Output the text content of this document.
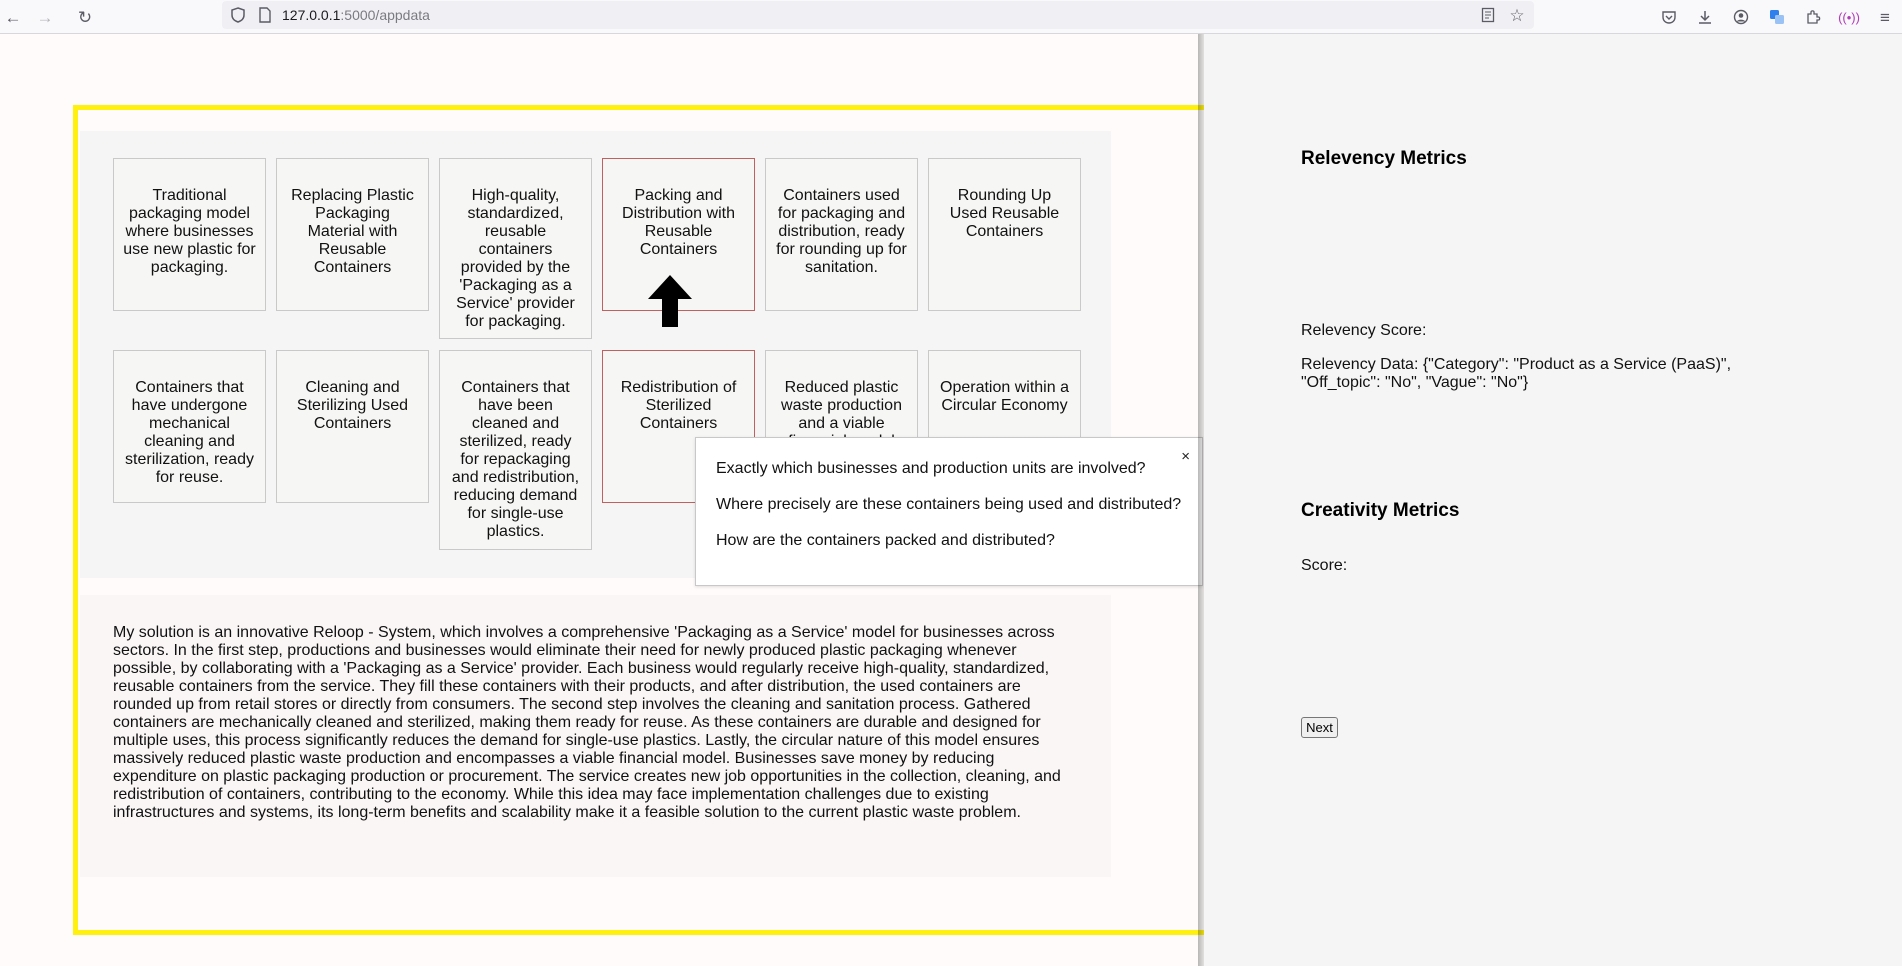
← →	↻	☆
127.0.0.1:5000/appdata	((•))	≡
Traditional packaging model where businesses use new plastic for packaging.
Replacing Plastic Packaging Material with Reusable Containers
High-quality, standardized, reusable containers provided by the 'Packaging as a Service' provider for packaging.
Packing and Distribution with Reusable Containers
Containers used for packaging and distribution, ready for rounding up for sanitation.
Rounding Up Used Reusable Containers
Containers that have undergone mechanical cleaning and sterilization, ready for reuse.
Cleaning and Sterilizing Used Containers
Containers that have been cleaned and sterilized, ready for repackaging and redistribution, reducing demand for single-use plastics.
Redistribution of Sterilized Containers
Reduced plastic waste production and a viable
Operation within a Circular Economy
My solution is an innovative Reloop - System, which involves a comprehensive 'Packaging as a Service' model for businesses across sectors. In the first step, productions and businesses would eliminate their need for newly produced plastic packaging whenever possible, by collaborating with a 'Packaging as a Service' provider. Each business would regularly receive high-quality, standardized, reusable containers from the service. They fill these containers with their products, and after distribution, the used containers are rounded up from retail stores or directly from consumers. The second step involves the cleaning and sanitation process. Gathered containers are mechanically cleaned and sterilized, making them ready for reuse. As these containers are durable and designed for multiple uses, this process significantly reduces the demand for single-use plastics. Lastly, the circular nature of this model ensures massively reduced plastic waste production and encompasses a viable financial model. Businesses save money by reducing expenditure on plastic packaging production or procurement. The service creates new job opportunities in the collection, cleaning, and redistribution of containers, contributing to the economy. While this idea may face implementation challenges due to existing infrastructures and systems, its long-term benefits and scalability make it a feasible solution to the current plastic waste problem.
×
Exactly which businesses and production units are involved?
Where precisely are these containers being used and distributed?
How are the containers packed and distributed?
Relevency Metrics
Relevency Score:
Relevency Data: {"Category": "Product as a Service (PaaS)", "Off_topic": "No", "Vague": "No"}
Creativity Metrics
Score:
Next
